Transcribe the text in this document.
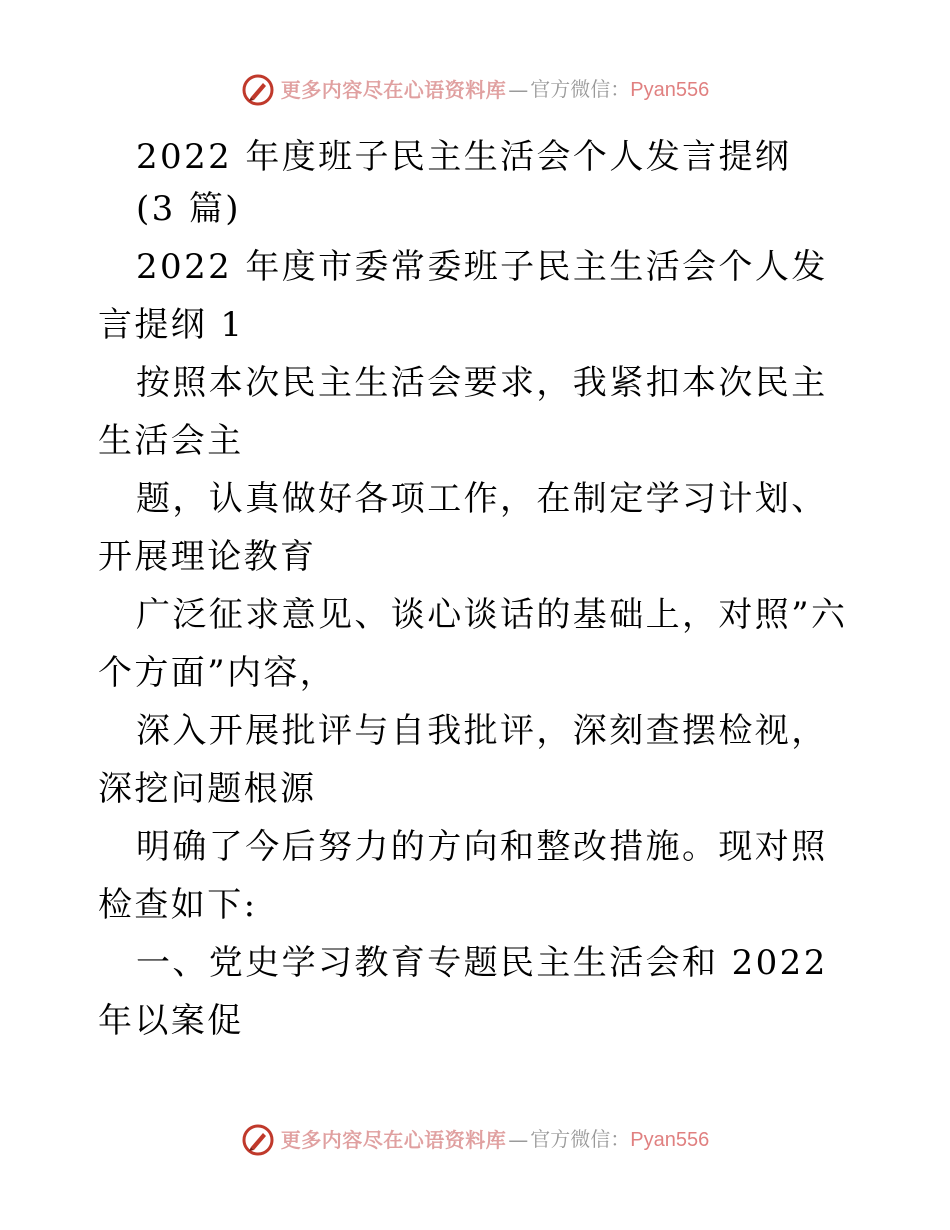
更多内容尽在心语资料库 — 官方微信： Pyan556

2022 年度班子民主生活会个人发言提纲

(3 篇)

2022 年度市委常委班子民主生活会个人发言提纲 1

按照本次民主生活会要求，我紧扣本次民主生活会主

题，认真做好各项工作，在制定学习计划、开展理论教育

广泛征求意见、谈心谈话的基础上，对照”六个方面”内容，

深入开展批评与自我批评，深刻查摆检视，深挖问题根源

明确了今后努力的方向和整改措施。现对照检查如下:

一、党史学习教育专题民主生活会和 2022 年以案促

更多内容尽在心语资料库 — 官方微信： Pyan556
